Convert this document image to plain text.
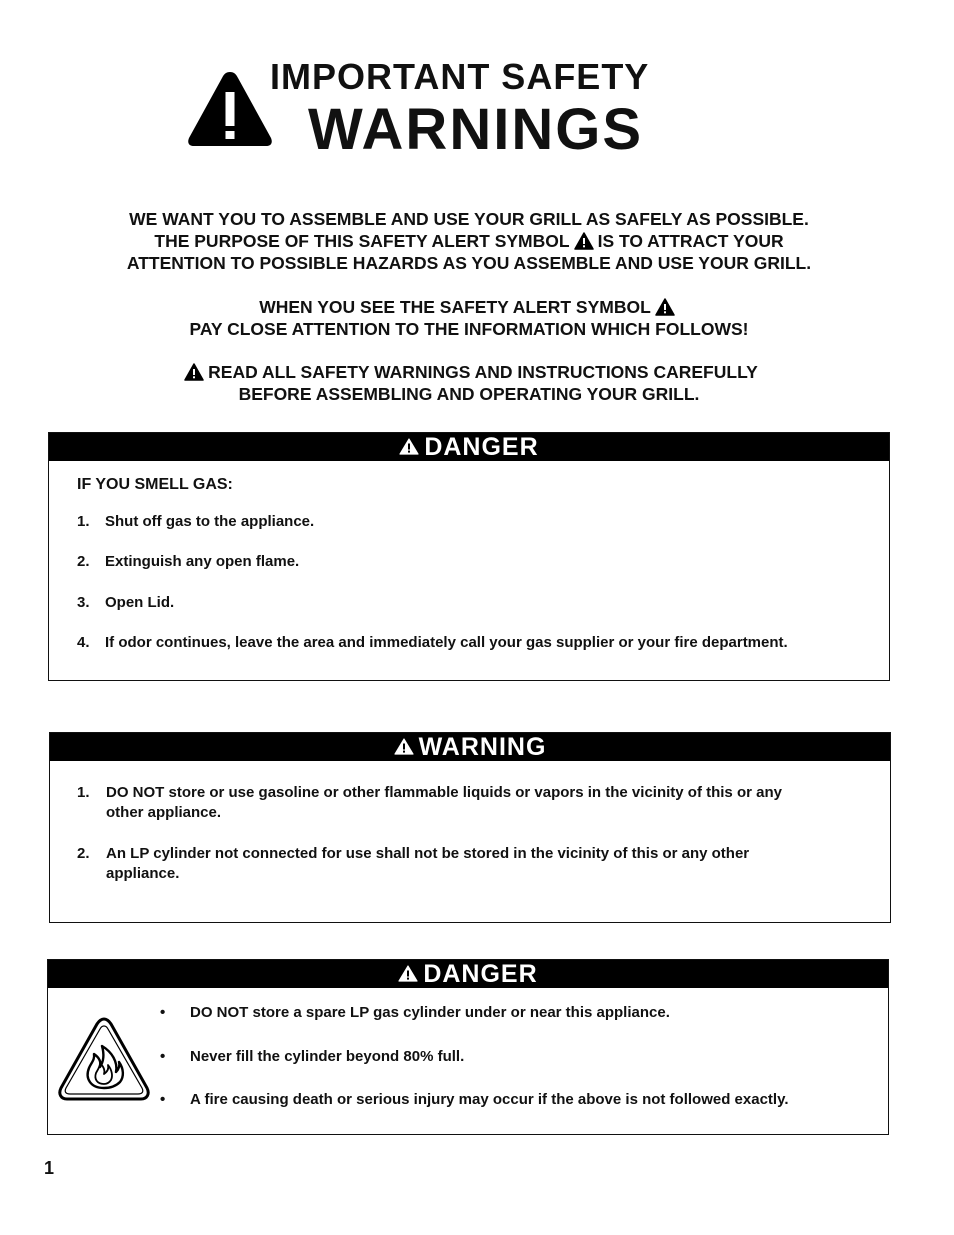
IMPORTANT SAFETY
WARNINGS
WE WANT YOU TO ASSEMBLE AND USE YOUR GRILL AS SAFELY AS POSSIBLE.
THE PURPOSE OF THIS SAFETY ALERT SYMBOL IS TO ATTRACT YOUR
ATTENTION TO POSSIBLE HAZARDS AS YOU ASSEMBLE AND USE YOUR GRILL.
WHEN YOU SEE THE SAFETY ALERT SYMBOL
PAY CLOSE ATTENTION TO THE INFORMATION WHICH FOLLOWS!
READ ALL SAFETY WARNINGS AND INSTRUCTIONS CAREFULLY
BEFORE ASSEMBLING AND OPERATING YOUR GRILL.
DANGER
IF YOU SMELL GAS:
1. Shut off gas to the appliance.
2. Extinguish any open flame.
3. Open Lid.
4. If odor continues, leave the area and immediately call your gas supplier or your fire department.
WARNING
1. DO NOT store or use gasoline or other flammable liquids or vapors in the vicinity of this or any
other appliance.
2. An LP cylinder not connected for use shall not be stored in the vicinity of this or any other
appliance.
DANGER
• DO NOT store a spare LP gas cylinder under or near this appliance.
• Never fill the cylinder beyond 80% full.
• A fire causing death or serious injury may occur if the above is not followed exactly.
1
